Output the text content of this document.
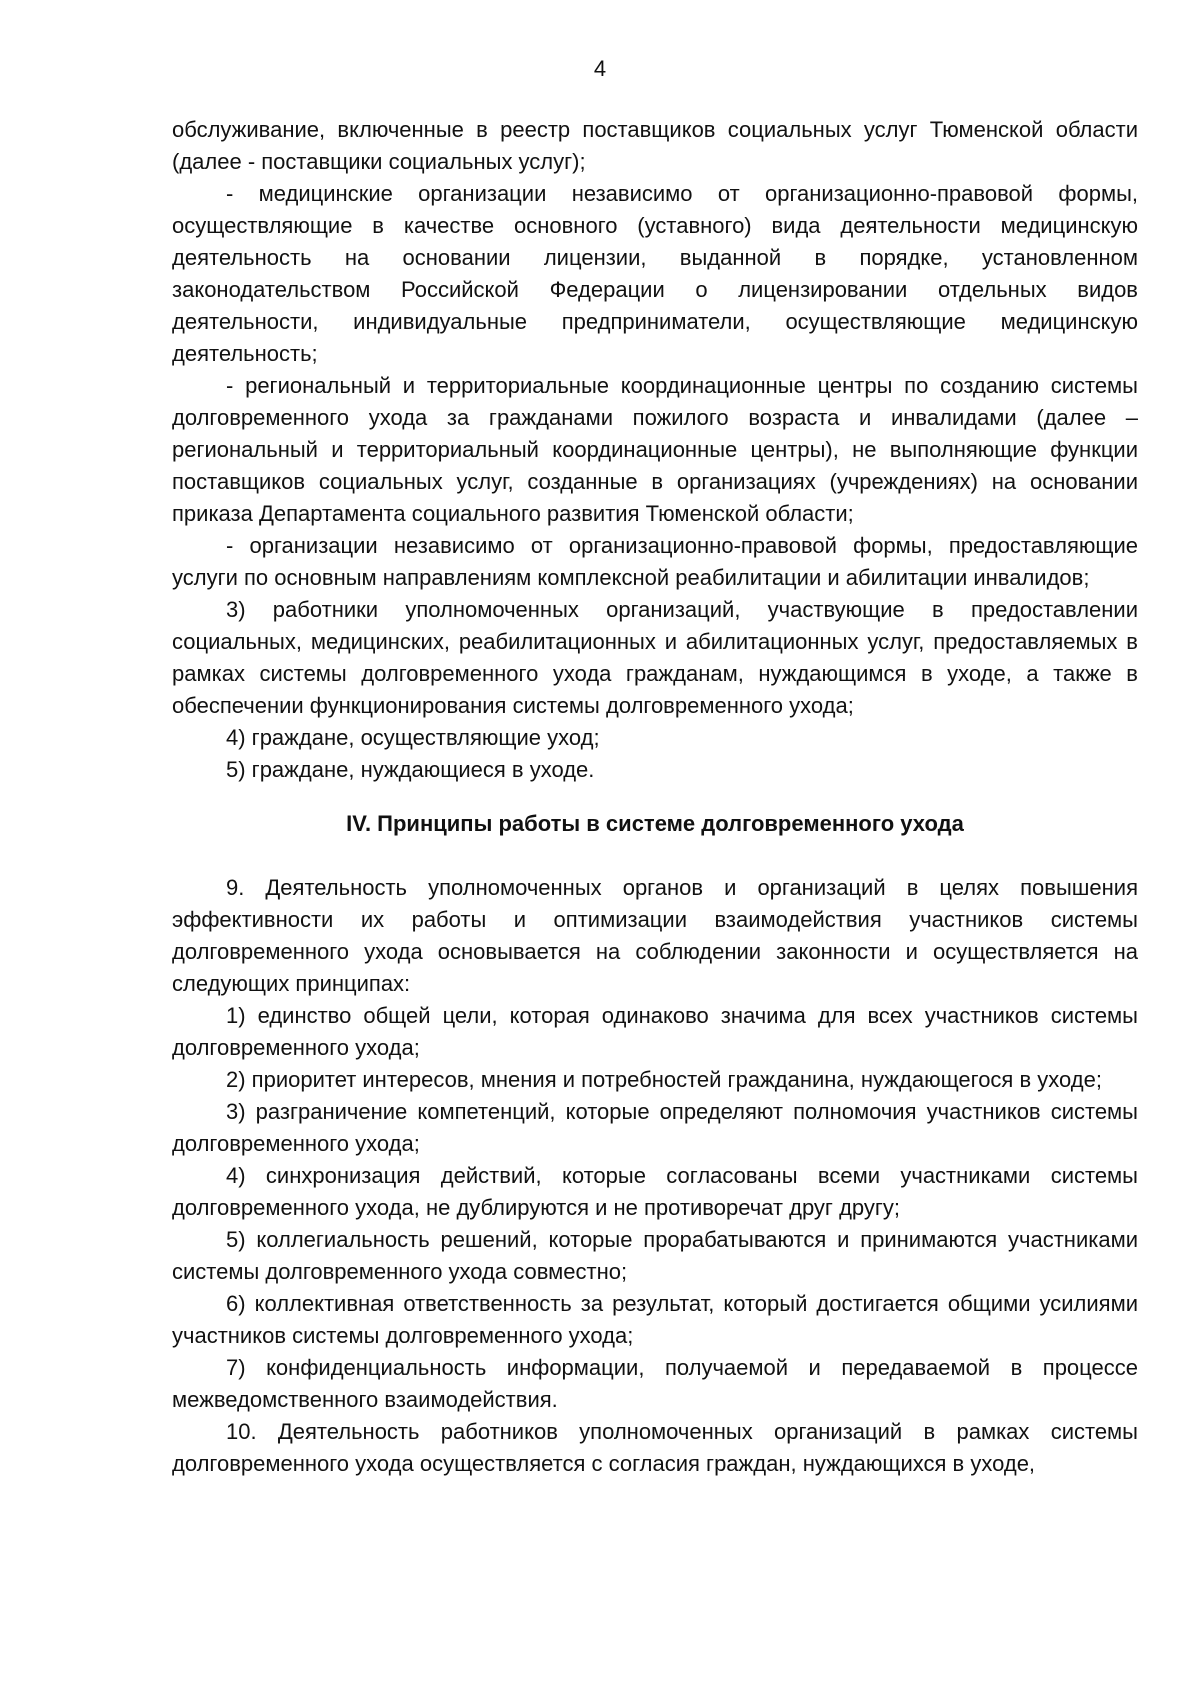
4

обслуживание, включенные в реестр поставщиков социальных услуг Тюменской области (далее - поставщики социальных услуг);

- медицинские организации независимо от организационно-правовой формы, осуществляющие в качестве основного (уставного) вида деятельности медицинскую деятельность на основании лицензии, выданной в порядке, установленном законодательством Российской Федерации о лицензировании отдельных видов деятельности, индивидуальные предприниматели, осуществляющие медицинскую деятельность;

- региональный и территориальные координационные центры по созданию системы долговременного ухода за гражданами пожилого возраста и инвалидами (далее – региональный и территориальный координационные центры), не выполняющие функции поставщиков социальных услуг, созданные в организациях (учреждениях) на основании приказа Департамента социального развития Тюменской области;

- организации независимо от организационно-правовой формы, предоставляющие услуги по основным направлениям комплексной реабилитации и абилитации инвалидов;

3) работники уполномоченных организаций, участвующие в предоставлении социальных, медицинских, реабилитационных и абилитационных услуг, предоставляемых в рамках системы долговременного ухода гражданам, нуждающимся в уходе, а также в обеспечении функционирования системы долговременного ухода;

4) граждане, осуществляющие уход;

5) граждане, нуждающиеся в уходе.

IV. Принципы работы в системе долговременного ухода

9. Деятельность уполномоченных органов и организаций в целях повышения эффективности их работы и оптимизации взаимодействия участников системы долговременного ухода основывается на соблюдении законности и осуществляется на следующих принципах:

1) единство общей цели, которая одинаково значима для всех участников системы долговременного ухода;

2) приоритет интересов, мнения и потребностей гражданина, нуждающегося в уходе;

3) разграничение компетенций, которые определяют полномочия участников системы долговременного ухода;

4) синхронизация действий, которые согласованы всеми участниками системы долговременного ухода, не дублируются и не противоречат друг другу;

5) коллегиальность решений, которые прорабатываются и принимаются участниками системы долговременного ухода совместно;

6) коллективная ответственность за результат, который достигается общими усилиями участников системы долговременного ухода;

7) конфиденциальность информации, получаемой и передаваемой в процессе межведомственного взаимодействия.

10. Деятельность работников уполномоченных организаций в рамках системы долговременного ухода осуществляется с согласия граждан, нуждающихся в уходе,
